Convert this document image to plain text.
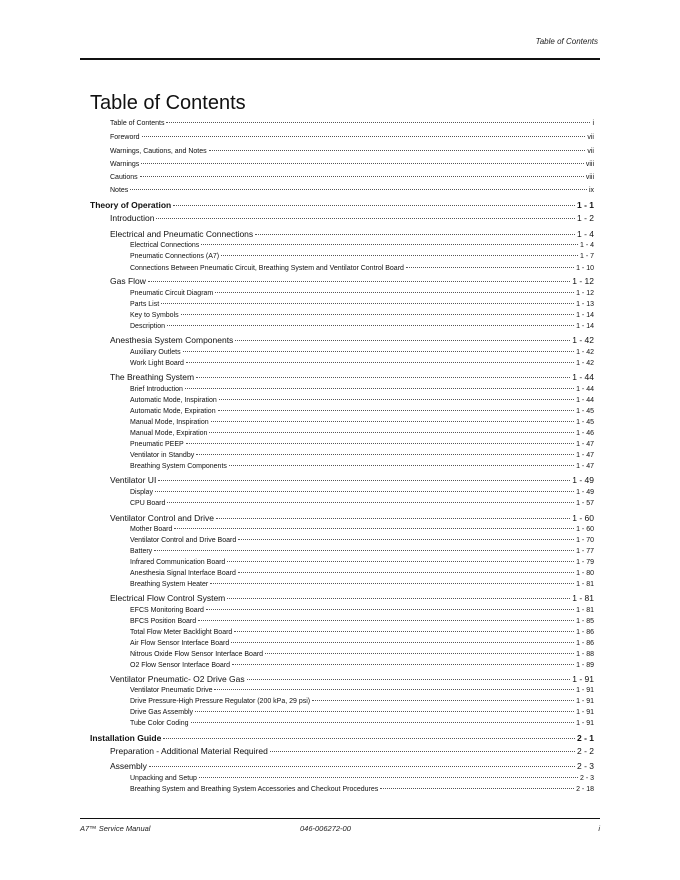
Table of Contents
Table of Contents
Table of Contents	i
Foreword	vii
Warnings, Cautions, and Notes	vii
Warnings	viii
Cautions	viii
Notes	ix
Theory of Operation	1 - 1
Introduction	1 - 2
Electrical and Pneumatic Connections	1 - 4
Electrical Connections	1 - 4
Pneumatic Connections (A7)	1 - 7
Connections Between Pneumatic Circuit, Breathing System and Ventilator Control Board	1 - 10
Gas Flow	1 - 12
Pneumatic Circuit Diagram	1 - 12
Parts List	1 - 13
Key to Symbols	1 - 14
Description	1 - 14
Anesthesia System Components	1 - 42
Auxiliary Outlets	1 - 42
Work Light Board	1 - 42
The Breathing System	1 - 44
Brief Introduction	1 - 44
Automatic Mode, Inspiration	1 - 44
Automatic Mode, Expiration	1 - 45
Manual Mode, Inspiration	1 - 45
Manual Mode, Expiration	1 - 46
Pneumatic PEEP	1 - 47
Ventilator in Standby	1 - 47
Breathing System Components	1 - 47
Ventilator UI	1 - 49
Display	1 - 49
CPU Board	1 - 57
Ventilator Control and Drive	1 - 60
Mother Board	1 - 60
Ventilator Control and Drive Board	1 - 70
Battery	1 - 77
Infrared Communication Board	1 - 79
Anesthesia Signal Interface Board	1 - 80
Breathing System Heater	1 - 81
Electrical Flow Control System	1 - 81
EFCS Monitoring Board	1 - 81
BFCS Position Board	1 - 85
Total Flow Meter Backlight Board	1 - 86
Air Flow Sensor Interface Board	1 - 86
Nitrous Oxide Flow Sensor Interface Board	1 - 88
O2 Flow Sensor Interface Board	1 - 89
Ventilator Pneumatic- O2 Drive Gas	1 - 91
Ventilator Pneumatic Drive	1 - 91
Drive Pressure-High Pressure Regulator (200 kPa, 29 psi)	1 - 91
Drive Gas Assembly	1 - 91
Tube Color Coding	1 - 91
Installation Guide	2 - 1
Preparation - Additional Material Required	2 - 2
Assembly	2 - 3
Unpacking and Setup	2 - 3
Breathing System and Breathing System Accessories and Checkout Procedures	2 - 18
A7™ Service Manual	046-006272-00	i
